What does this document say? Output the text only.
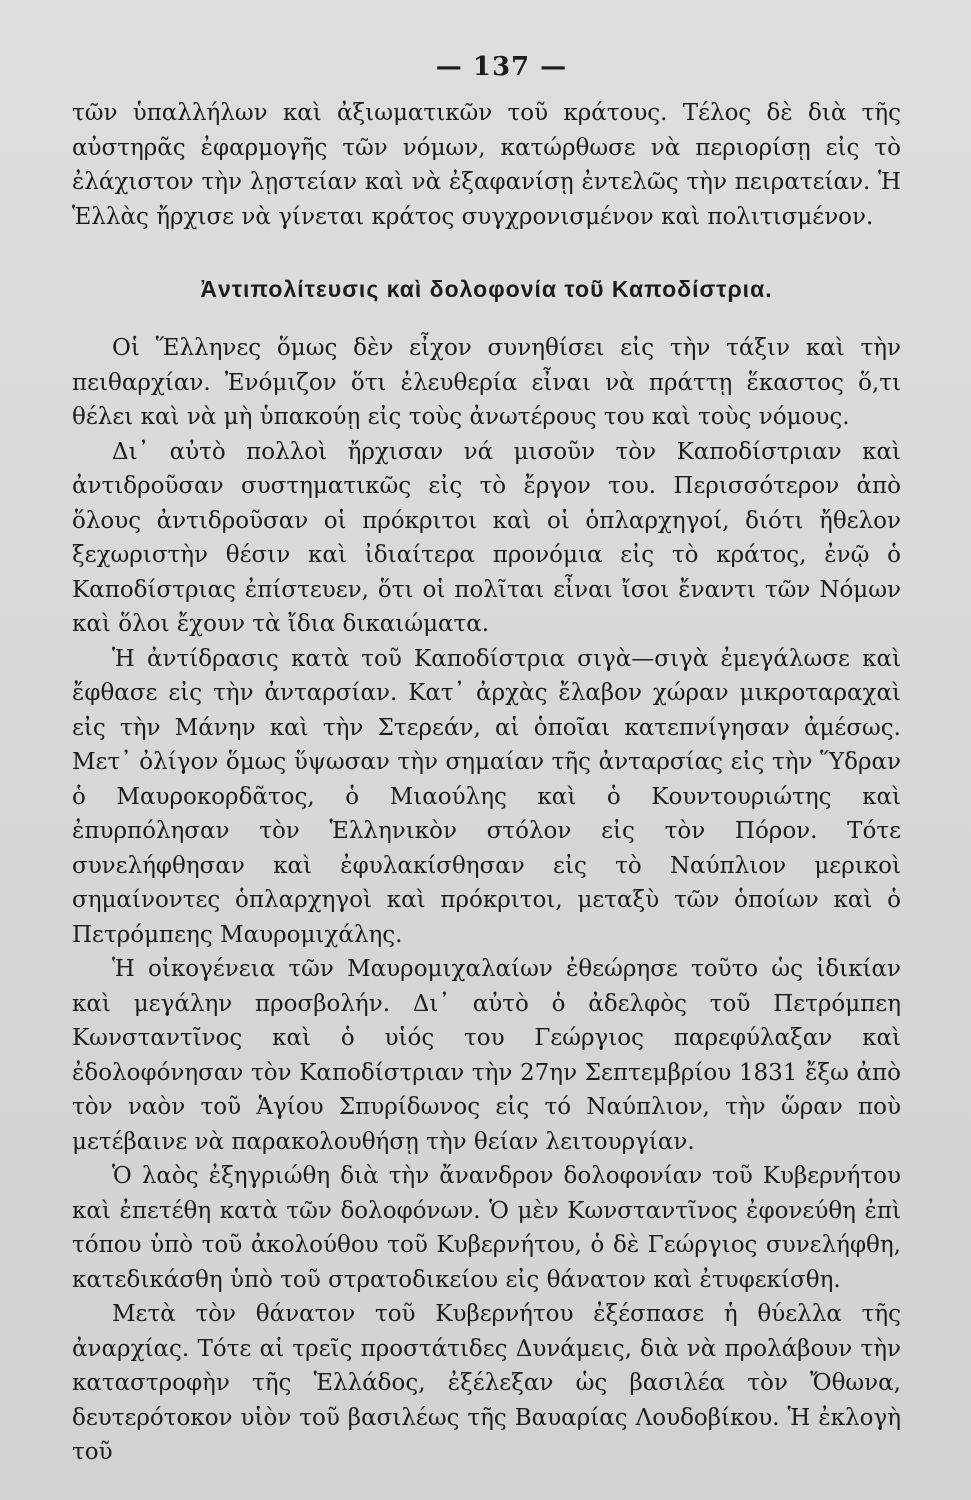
— 137 —

τῶν ὑπαλλήλων καὶ ἀξιωματικῶν τοῦ κράτους. Τέλος δὲ διὰ τῆς αὐστηρᾶς ἐφαρμογῆς τῶν νόμων, κατώρθωσε νὰ περιορίσῃ εἰς τὸ ἐλάχιστον τὴν λῃστείαν καὶ νὰ ἐξαφανίσῃ ἐντελῶς τὴν πειρατείαν. Ἡ Ἑλλὰς ἤρχισε νὰ γίνεται κράτος συγχρονισμένον καὶ πολιτισμένον.

Ἀντιπολίτευσις καὶ δολοφονία τοῦ Καποδίστρια.

Οἱ Ἕλληνες ὅμως δὲν εἶχον συνηθίσει εἰς τὴν τάξιν καὶ τὴν πειθαρχίαν. Ἐνόμιζον ὅτι ἐλευθερία εἶναι νὰ πράττῃ ἕκαστος ὅ,τι θέλει καὶ νὰ μὴ ὑπακούῃ εἰς τοὺς ἀνωτέρους του καὶ τοὺς νόμους.

Δι᾿ αὐτὸ πολλοὶ ἤρχισαν νά μισοῦν τὸν Καποδίστριαν καὶ ἀντιδροῦσαν συστηματικῶς εἰς τὸ ἔργον του. Περισσότερον ἀπὸ ὅλους ἀντιδροῦσαν οἱ πρόκριτοι καὶ οἱ ὁπλαρχηγοί, διότι ἤθελον ξεχωριστὴν θέσιν καὶ ἰδιαίτερα προνόμια εἰς τὸ κράτος, ἐνῷ ὁ Καποδίστριας ἐπίστευεν, ὅτι οἱ πολῖται εἶναι ἴσοι ἔναντι τῶν Νόμων καὶ ὅλοι ἔχουν τὰ ἴδια δικαιώματα.

Ἡ ἀντίδρασις κατὰ τοῦ Καποδίστρια σιγὰ—σιγὰ ἐμεγάλωσε καὶ ἔφθασε εἰς τὴν ἀνταρσίαν. Κατ᾿ ἀρχὰς ἔλαβον χώραν μικροταραχαὶ εἰς τὴν Μάνην καὶ τὴν Στερεάν, αἱ ὁποῖαι κατεπνίγησαν ἀμέσως. Μετ᾿ ὀλίγον ὅμως ὕψωσαν τὴν σημαίαν τῆς ἀνταρσίας εἰς τὴν Ὕδραν ὁ Μαυροκορδᾶτος, ὁ Μιαούλης καὶ ὁ Κουντουριώτης καὶ ἐπυρπόλησαν τὸν Ἑλληνικὸν στόλον εἰς τὸν Πόρον. Τότε συνελήφθησαν καὶ ἐφυλακίσθησαν εἰς τὸ Ναύπλιον μερικοὶ σημαίνοντες ὁπλαρχηγοὶ καὶ πρόκριτοι, μεταξὺ τῶν ὁποίων καὶ ὁ Πετρόμπεης Μαυρομιχάλης.

Ἡ οἰκογένεια τῶν Μαυρομιχαλαίων ἐθεώρησε τοῦτο ὡς ἰδικίαν καὶ μεγάλην προσβολήν. Δι᾿ αὐτὸ ὁ ἀδελφὸς τοῦ Πετρόμπεη Κωνσταντῖνος καὶ ὁ υἱός του Γεώργιος παρεφύλαξαν καὶ ἐδολοφόνησαν τὸν Καποδίστριαν τὴν 27ην Σεπτεμβρίου 1831 ἔξω ἀπὸ τὸν ναὸν τοῦ Ἁγίου Σπυρίδωνος εἰς τό Ναύπλιον, τὴν ὥραν ποὺ μετέβαινε νὰ παρακολουθήσῃ τὴν θείαν λειτουργίαν.

Ὁ λαὸς ἐξηγριώθη διὰ τὴν ἄνανδρον δολοφονίαν τοῦ Κυβερνήτου καὶ ἐπετέθη κατὰ τῶν δολοφόνων. Ὁ μὲν Κωνσταντῖνος ἐφονεύθη ἐπὶ τόπου ὑπὸ τοῦ ἀκολούθου τοῦ Κυβερνήτου, ὁ δὲ Γεώργιος συνελήφθη, κατεδικάσθη ὑπὸ τοῦ στρατοδικείου εἰς θάνατον καὶ ἐτυφεκίσθη.

Μετὰ τὸν θάνατον τοῦ Κυβερνήτου ἐξέσπασε ἡ θύελλα τῆς ἀναρχίας. Τότε αἱ τρεῖς προστάτιδες Δυνάμεις, διὰ νὰ προλάβουν τὴν καταστροφὴν τῆς Ἑλλάδος, ἐξέλεξαν ὡς βασιλέα τὸν Ὄθωνα, δευτερότοκον υἱὸν τοῦ βασιλέως τῆς Βαυαρίας Λουδοβίκου. Ἡ ἐκλογὴ τοῦ
